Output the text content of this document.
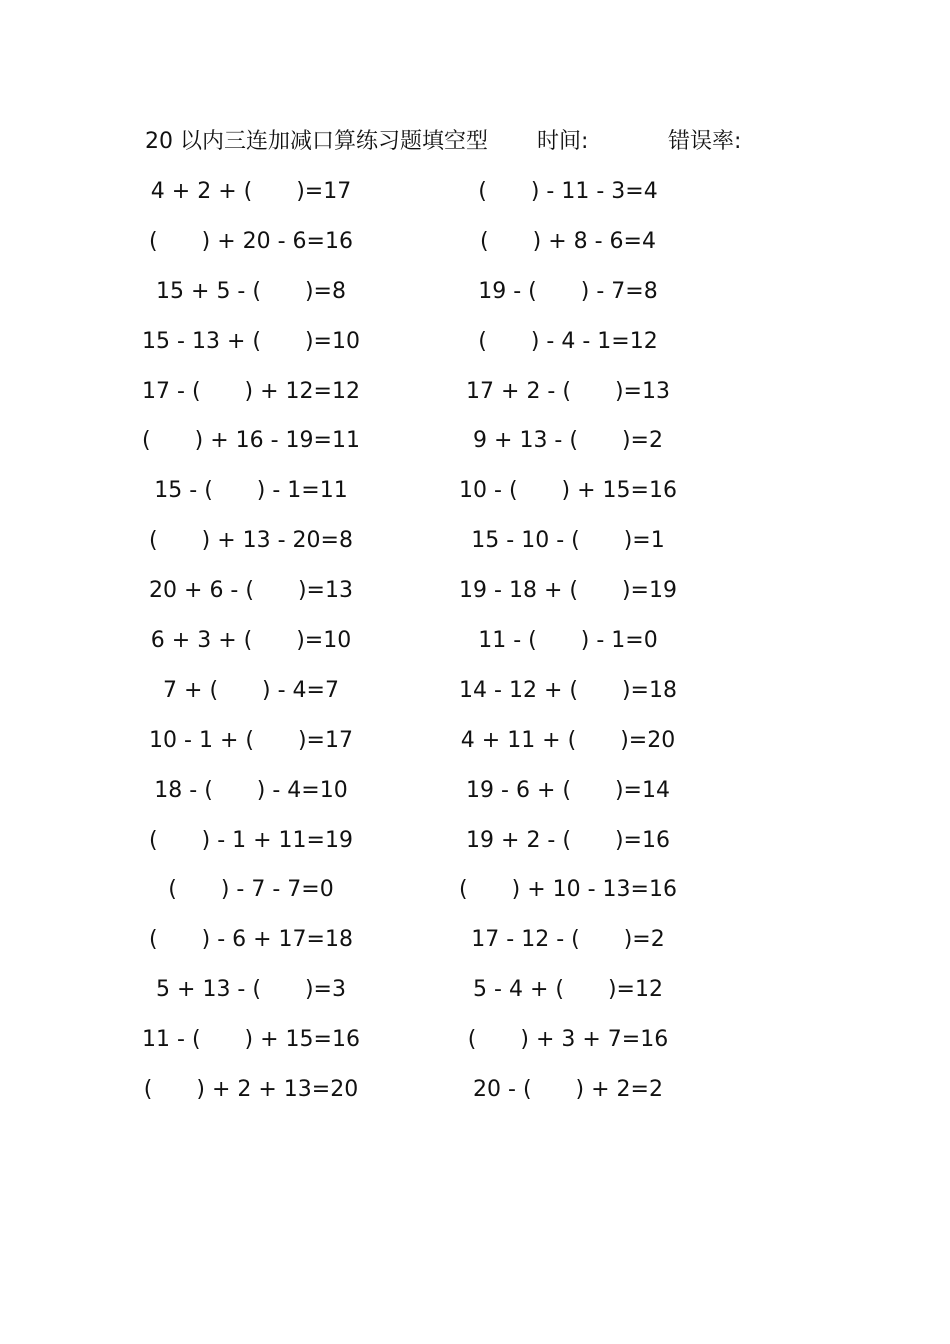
20 以内三连加减口算练习题填空型 时间:	错误率:
4 + 2 + (　　)=17
(　　) + 20 - 6=16
15 + 5 - (　　)=8
15 - 13 + (　　)=10
17 - (　　) + 12=12
(　　) + 16 - 19=11
15 - (　　) - 1=11
(　　) + 13 - 20=8
20 + 6 - (　　)=13
6 + 3 + (　　)=10
7 + (　　) - 4=7
10 - 1 + (　　)=17
18 - (　　) - 4=10
(　　) - 1 + 11=19
(　　) - 7 - 7=0
(　　) - 6 + 17=18
5 + 13 - (　　)=3
11 - (　　) + 15=16
(　　) + 2 + 13=20
(　　) - 11 - 3=4
(　　) + 8 - 6=4
19 - (　　) - 7=8
(　　) - 4 - 1=12
17 + 2 - (　　)=13
9 + 13 - (　　)=2
10 - (　　) + 15=16
15 - 10 - (　　)=1
19 - 18 + (　　)=19
11 - (　　) - 1=0
14 - 12 + (　　)=18
4 + 11 + (　　)=20
19 - 6 + (　　)=14
19 + 2 - (　　)=16
(　　) + 10 - 13=16
17 - 12 - (　　)=2
5 - 4 + (　　)=12
(　　) + 3 + 7=16
20 - (　　) + 2=2
